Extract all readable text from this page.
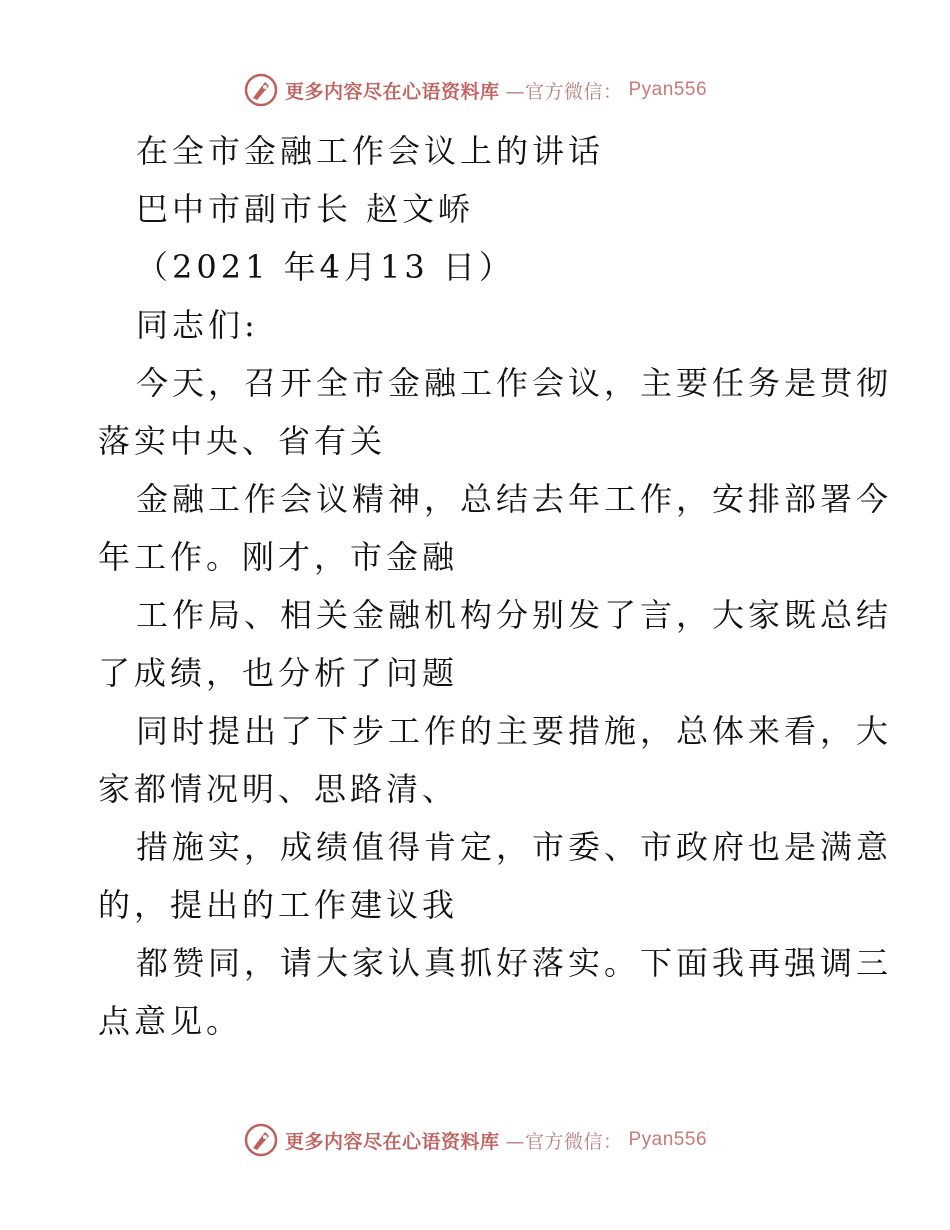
更多内容尽在心语资料库 —官方微信： Pyan556
在全市金融工作会议上的讲话
巴中市副市长 赵文峤
（2021 年4月13 日）
同志们:
今天，召开全市金融工作会议，主要任务是贯彻
落实中央、省有关
金融工作会议精神，总结去年工作，安排部署今
年工作。刚才，市金融
工作局、相关金融机构分别发了言，大家既总结
了成绩，也分析了问题
同时提出了下步工作的主要措施，总体来看，大
家都情况明、思路清、
措施实，成绩值得肯定，市委、市政府也是满意
的，提出的工作建议我
都赞同，请大家认真抓好落实。下面我再强调三
点意见。
更多内容尽在心语资料库 —官方微信： Pyan556
